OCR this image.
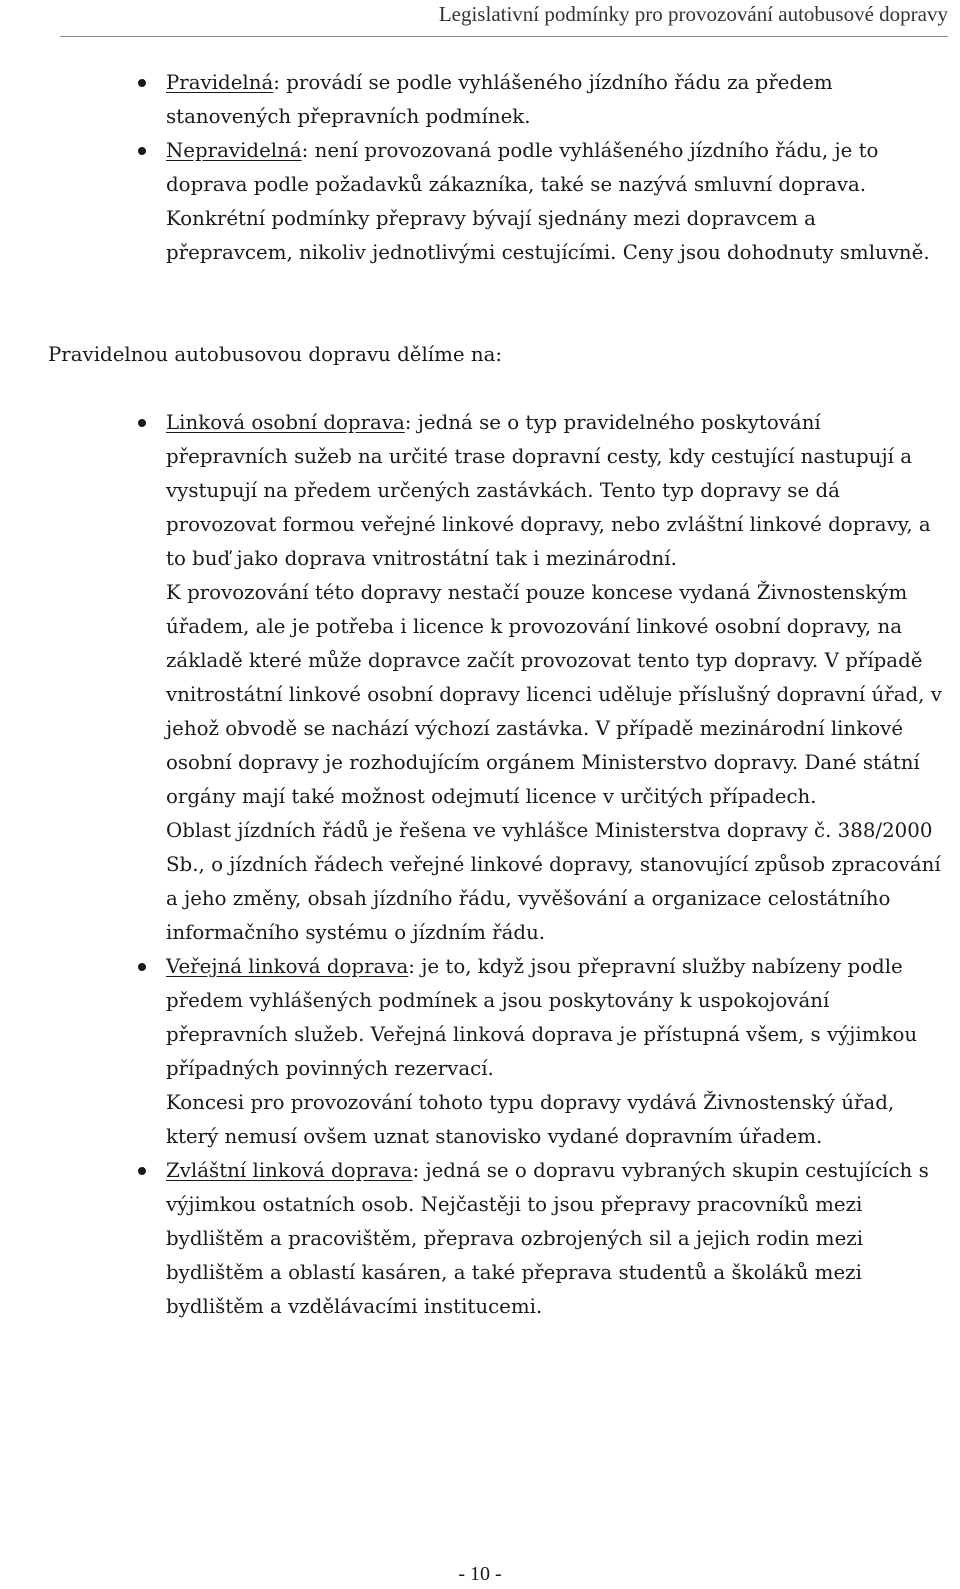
Legislativní podmínky pro provozování autobusové dopravy

Pravidelná: provádí se podle vyhlášeného jízdního řádu za předem stanovených přepravních podmínek.

Nepravidelná: není provozovaná podle vyhlášeného jízdního řádu, je to doprava podle požadavků zákazníka, také se nazývá smluvní doprava. Konkrétní podmínky přepravy bývají sjednány mezi dopravcem a přepravcem, nikoliv jednotlivými cestujícími. Ceny jsou dohodnuty smluvně.

Pravidelnou autobusovou dopravu dělíme na:

Linková osobní doprava: jedná se o typ pravidelného poskytování přepravních sužeb na určité trase dopravní cesty, kdy cestující nastupují a vystupují na předem určených zastávkách. Tento typ dopravy se dá provozovat formou veřejné linkové dopravy, nebo zvláštní linkové dopravy, a to buď jako doprava vnitrostátní tak i mezinárodní.

K provozování této dopravy nestačí pouze koncese vydaná Živnostenským úřadem, ale je potřeba i licence k provozování linkové osobní dopravy, na základě které může dopravce začít provozovat tento typ dopravy. V případě vnitrostátní linkové osobní dopravy licenci uděluje příslušný dopravní úřad, v jehož obvodě se nachází výchozí zastávka. V případě mezinárodní linkové osobní dopravy je rozhodujícím orgánem Ministerstvo dopravy. Dané státní orgány mají také možnost odejmutí licence v určitých případech.

Oblast jízdních řádů je řešena ve vyhlášce Ministerstva dopravy č. 388/2000 Sb., o jízdních řádech veřejné linkové dopravy, stanovující způsob zpracování a jeho změny, obsah jízdního řádu, vyvěšování a organizace celostátního informačního systému o jízdním řádu.

Veřejná linková doprava: je to, když jsou přepravní služby nabízeny podle předem vyhlášených podmínek a jsou poskytovány k uspokojování přepravních služeb. Veřejná linková doprava je přístupná všem, s výjimkou případných povinných rezervací.

Koncesi pro provozování tohoto typu dopravy vydává Živnostenský úřad, který nemusí ovšem uznat stanovisko vydané dopravním úřadem.

Zvláštní linková doprava: jedná se o dopravu vybraných skupin cestujících s výjimkou ostatních osob. Nejčastěji to jsou přepravy pracovníků mezi bydlištěm a pracovištěm, přeprava ozbrojených sil a jejich rodin mezi bydlištěm a oblastí kasáren, a také přeprava studentů a školáků mezi bydlištěm a vzdělávacími institucemi.

- 10 -
